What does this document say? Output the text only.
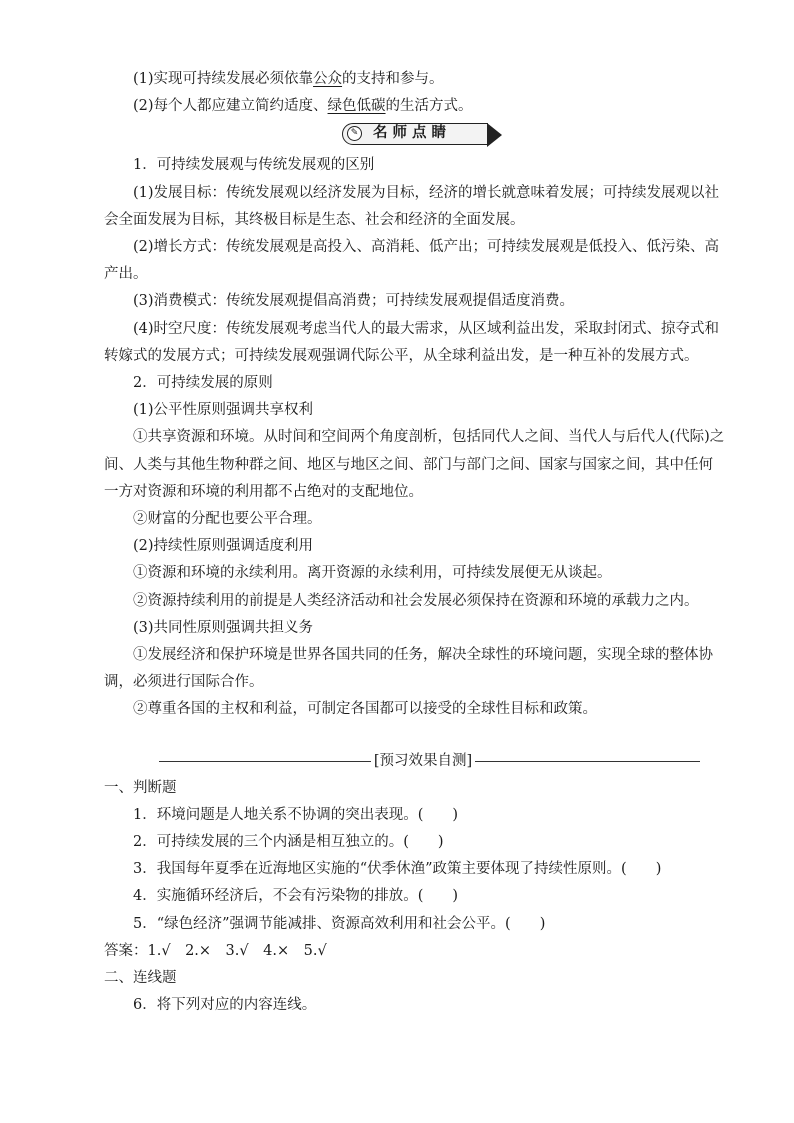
(1)实现可持续发展必须依靠公众的支持和参与。
(2)每个人都应建立简约适度、绿色低碳的生活方式。
✎ 名师点睛
1．可持续发展观与传统发展观的区别
(1)发展目标：传统发展观以经济发展为目标，经济的增长就意味着发展；可持续发展观以社会全面发展为目标，其终极目标是生态、社会和经济的全面发展。
(2)增长方式：传统发展观是高投入、高消耗、低产出；可持续发展观是低投入、低污染、高产出。
(3)消费模式：传统发展观提倡高消费；可持续发展观提倡适度消费。
(4)时空尺度：传统发展观考虑当代人的最大需求，从区域利益出发，采取封闭式、掠夺式和转嫁式的发展方式；可持续发展观强调代际公平，从全球利益出发，是一种互补的发展方式。
2．可持续发展的原则
(1)公平性原则强调共享权利
①共享资源和环境。从时间和空间两个角度剖析，包括同代人之间、当代人与后代人(代际)之间、人类与其他生物种群之间、地区与地区之间、部门与部门之间、国家与国家之间，其中任何一方对资源和环境的利用都不占绝对的支配地位。
②财富的分配也要公平合理。
(2)持续性原则强调适度利用
①资源和环境的永续利用。离开资源的永续利用，可持续发展便无从谈起。
②资源持续利用的前提是人类经济活动和社会发展必须保持在资源和环境的承载力之内。
(3)共同性原则强调共担义务
①发展经济和保护环境是世界各国共同的任务，解决全球性的环境问题，实现全球的整体协调，必须进行国际合作。
②尊重各国的主权和利益，可制定各国都可以接受的全球性目标和政策。
[预习效果自测]
一、判断题
1．环境问题是人地关系不协调的突出表现。(　　)
2．可持续发展的三个内涵是相互独立的。(　　)
3．我国每年夏季在近海地区实施的“伏季休渔”政策主要体现了持续性原则。(　　)
4．实施循环经济后，不会有污染物的排放。(　　)
5．“绿色经济”强调节能减排、资源高效利用和社会公平。(　　)
答案：1.√　2.×　3.√　4.×　5.√
二、连线题
6．将下列对应的内容连线。
